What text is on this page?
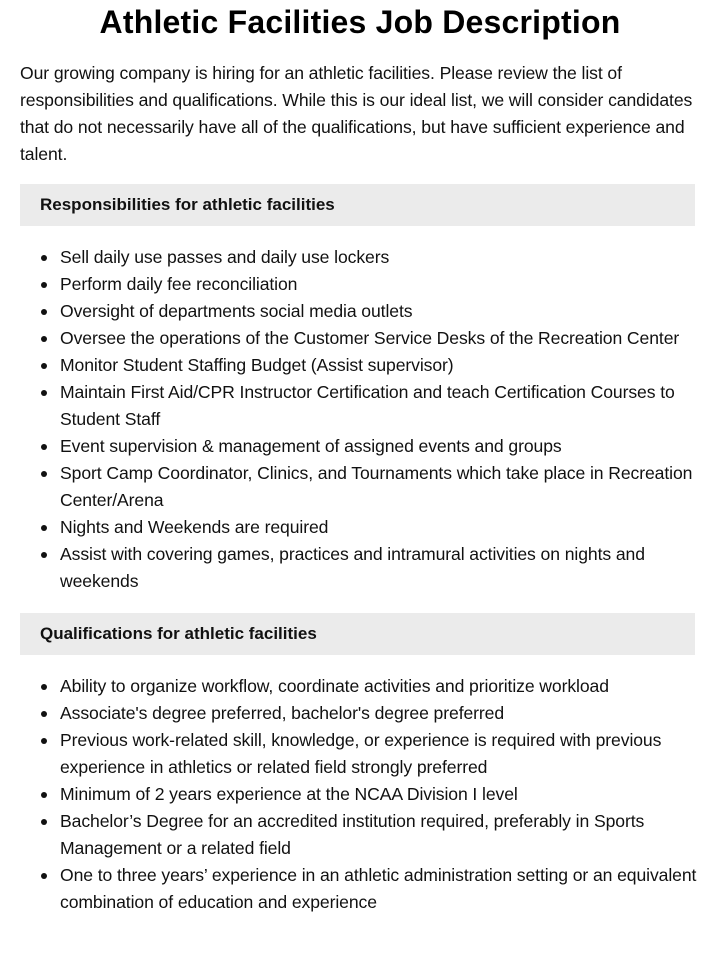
Athletic Facilities Job Description

Our growing company is hiring for an athletic facilities. Please review the list of responsibilities and qualifications. While this is our ideal list, we will consider candidates that do not necessarily have all of the qualifications, but have sufficient experience and talent.

Responsibilities for athletic facilities
Sell daily use passes and daily use lockers
Perform daily fee reconciliation
Oversight of departments social media outlets
Oversee the operations of the Customer Service Desks of the Recreation Center
Monitor Student Staffing Budget (Assist supervisor)
Maintain First Aid/CPR Instructor Certification and teach Certification Courses to Student Staff
Event supervision & management of assigned events and groups
Sport Camp Coordinator, Clinics, and Tournaments which take place in Recreation Center/Arena
Nights and Weekends are required
Assist with covering games, practices and intramural activities on nights and weekends
Qualifications for athletic facilities
Ability to organize workflow, coordinate activities and prioritize workload
Associate's degree preferred, bachelor's degree preferred
Previous work-related skill, knowledge, or experience is required with previous experience in athletics or related field strongly preferred
Minimum of 2 years experience at the NCAA Division I level
Bachelor’s Degree for an accredited institution required, preferably in Sports Management or a related field
One to three years’ experience in an athletic administration setting or an equivalent combination of education and experience
